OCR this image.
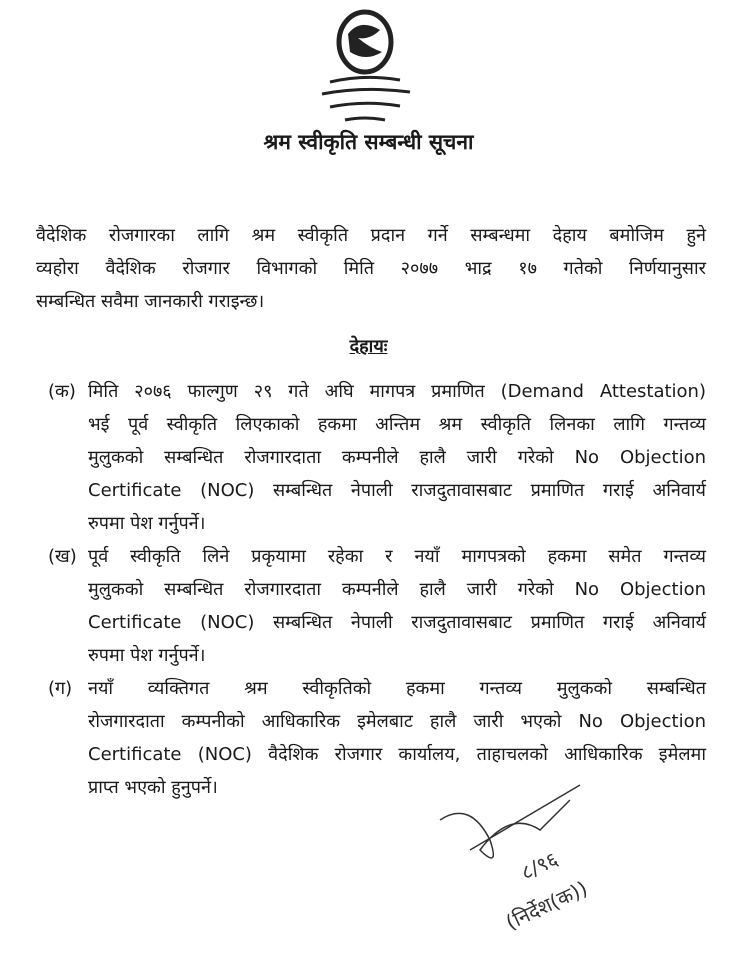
श्रम स्वीकृति सम्बन्धी सूचना
वैदेशिक रोजगारका लागि श्रम स्वीकृति प्रदान गर्ने सम्बन्धमा देहाय बमोजिम हुने
व्यहोरा वैदेशिक रोजगार विभागको मिति २०७७ भाद्र १७ गतेको निर्णयानुसार
सम्बन्धित सवैमा जानकारी गराइन्छ।
देहायः
(क) मिति २०७६ फाल्गुण २९ गते अघि मागपत्र प्रमाणित (Demand Attestation)
भई पूर्व स्वीकृति लिएकाको हकमा अन्तिम श्रम स्वीकृति लिनका लागि गन्तव्य
मुलुकको सम्बन्धित रोजगारदाता कम्पनीले हालै जारी गरेको No Objection
Certificate (NOC) सम्बन्धित नेपाली राजदुतावासबाट प्रमाणित गराई अनिवार्य
रुपमा पेश गर्नुपर्ने।
(ख) पूर्व स्वीकृति लिने प्रकृयामा रहेका र नयाँ मागपत्रको हकमा समेत गन्तव्य
मुलुकको सम्बन्धित रोजगारदाता कम्पनीले हालै जारी गरेको No Objection
Certificate (NOC) सम्बन्धित नेपाली राजदुतावासबाट प्रमाणित गराई अनिवार्य
रुपमा पेश गर्नुपर्ने।
(ग) नयाँ व्यक्तिगत श्रम स्वीकृतिको हकमा गन्तव्य मुलुकको सम्बन्धित
रोजगारदाता कम्पनीको आधिकारिक इमेलबाट हालै जारी भएको No Objection
Certificate (NOC) वैदेशिक रोजगार कार्यालय, ताहाचलको आधिकारिक इमेलमा
प्राप्त भएको हुनुपर्ने।
८/९६
(निर्देश(क))
